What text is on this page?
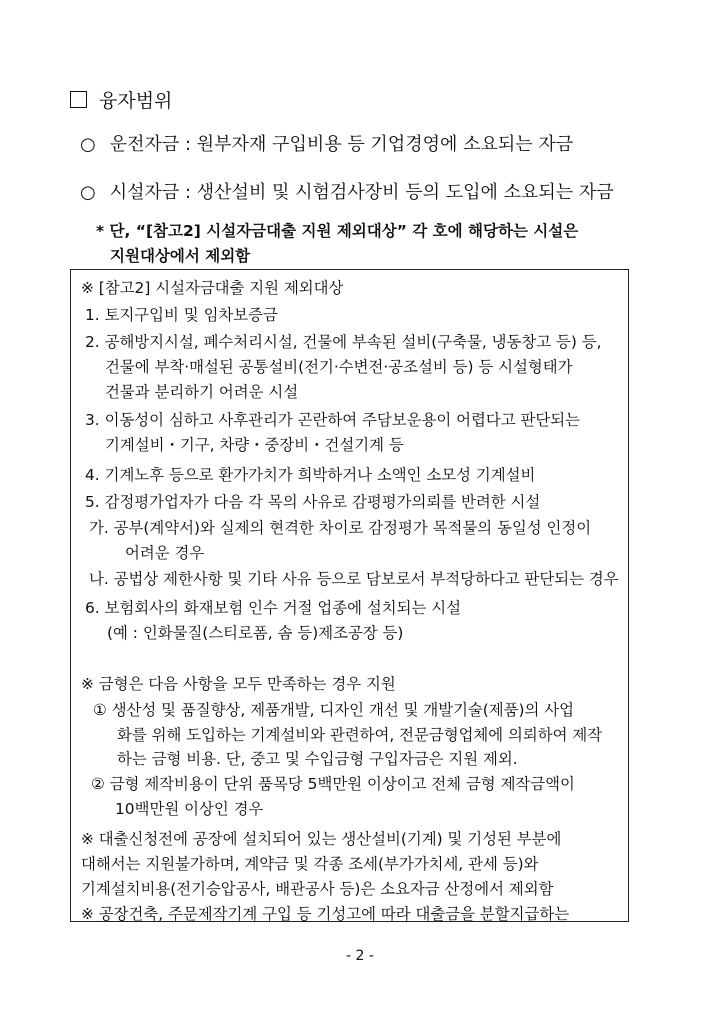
융자범위
○ 운전자금 : 원부자재 구입비용 등 기업경영에 소요되는 자금
○ 시설자금 : 생산설비 및 시험검사장비 등의 도입에 소요되는 자금
* 단, “[참고2] 시설자금대출 지원 제외대상” 각 호에 해당하는 시설은
지원대상에서 제외함
※ [참고2] 시설자금대출 지원 제외대상
1. 토지구입비 및 임차보증금
2. 공해방지시설, 폐수처리시설, 건물에 부속된 설비(구축물, 냉동창고 등) 등,
건물에 부착·매설된 공통설비(전기·수변전·공조설비 등) 등 시설형태가
건물과 분리하기 어려운 시설
3. 이동성이 심하고 사후관리가 곤란하여 주담보운용이 어렵다고 판단되는
기계설비・기구, 차량・중장비・건설기계 등
4. 기계노후 등으로 환가가치가 희박하거나 소액인 소모성 기계설비
5. 감정평가업자가 다음 각 목의 사유로 감평평가의뢰를 반려한 시설
가. 공부(계약서)와 실제의 현격한 차이로 감정평가 목적물의 동일성 인정이
어려운 경우
나. 공법상 제한사항 및 기타 사유 등으로 담보로서 부적당하다고 판단되는 경우
6. 보험회사의 화재보험 인수 거절 업종에 설치되는 시설
(예 : 인화물질(스티로폼, 솜 등)제조공장 등)
※ 금형은 다음 사항을 모두 만족하는 경우 지원
① 생산성 및 품질향상, 제품개발, 디자인 개선 및 개발기술(제품)의 사업
화를 위해 도입하는 기계설비와 관련하여, 전문금형업체에 의뢰하여 제작
하는 금형 비용. 단, 중고 및 수입금형 구입자금은 지원 제외.
② 금형 제작비용이 단위 품목당 5백만원 이상이고 전체 금형 제작금액이
10백만원 이상인 경우
※ 대출신청전에 공장에 설치되어 있는 생산설비(기계) 및 기성된 부분에
대해서는 지원불가하며, 계약금 및 각종 조세(부가가치세, 관세 등)와
기계설치비용(전기승압공사, 배관공사 등)은 소요자금 산정에서 제외함
※ 공장건축, 주문제작기계 구입 등 기성고에 따라 대출금을 분할지급하는
- 2 -
